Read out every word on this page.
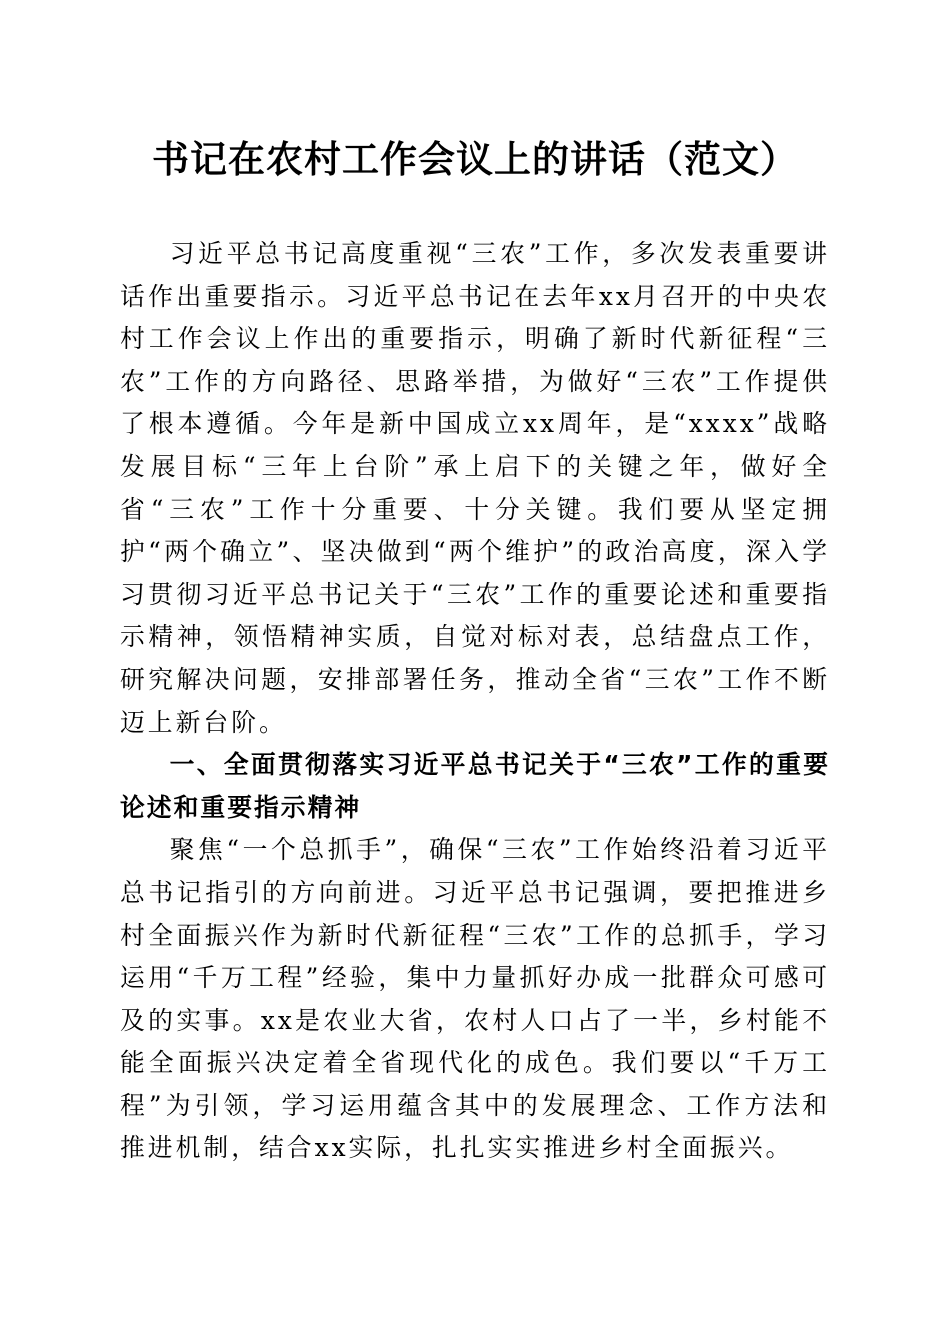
书记在农村工作会议上的讲话（范文）

习近平总书记高度重视“三农”工作，多次发表重要讲话作出重要指示。习近平总书记在去年xx月召开的中央农村工作会议上作出的重要指示，明确了新时代新征程“三农”工作的方向路径、思路举措，为做好“三农”工作提供了根本遵循。今年是新中国成立xx周年，是“xxxx”战略发展目标“三年上台阶”承上启下的关键之年，做好全省“三农”工作十分重要、十分关键。我们要从坚定拥护“两个确立”、坚决做到“两个维护”的政治高度，深入学习贯彻习近平总书记关于“三农”工作的重要论述和重要指示精神，领悟精神实质，自觉对标对表，总结盘点工作，研究解决问题，安排部署任务，推动全省“三农”工作不断迈上新台阶。

一、全面贯彻落实习近平总书记关于“三农”工作的重要论述和重要指示精神

聚焦“一个总抓手”，确保“三农”工作始终沿着习近平总书记指引的方向前进。习近平总书记强调，要把推进乡村全面振兴作为新时代新征程“三农”工作的总抓手，学习运用“千万工程”经验，集中力量抓好办成一批群众可感可及的实事。xx是农业大省，农村人口占了一半，乡村能不能全面振兴决定着全省现代化的成色。我们要以“千万工程”为引领，学习运用蕴含其中的发展理念、工作方法和推进机制，结合xx实际，扎扎实实推进乡村全面振兴。
